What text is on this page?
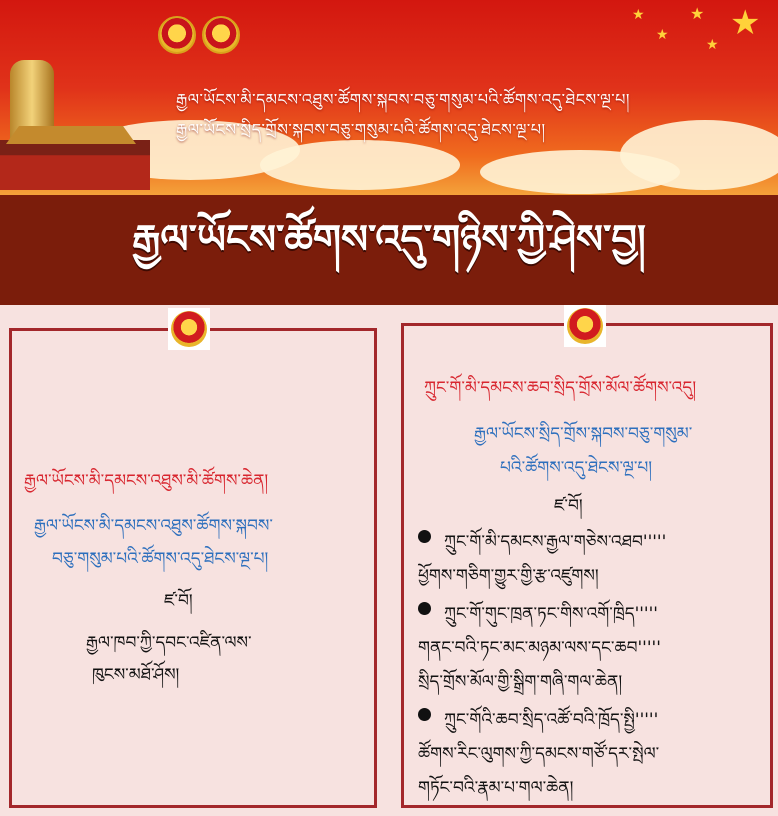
★
★
★
★
★
རྒྱལ་ཡོངས་མི་དམངས་འཐུས་ཚོགས་སྐབས་བཅུ་གསུམ་པའི་ཚོགས་འདུ་ཐེངས་ལྔ་པ།
རྒྱལ་ཡོངས་སྲིད་གྲོས་སྐབས་བཅུ་གསུམ་པའི་ཚོགས་འདུ་ཐེངས་ལྔ་པ།
རྒྱལ་ཡོངས་ཚོགས་འདུ་གཉིས་ཀྱི་ཤེས་བྱ།
རྒྱལ་ཡོངས་མི་དམངས་འཐུས་མི་ཚོགས་ཆེན།
རྒྱལ་ཡོངས་མི་དམངས་འཐུས་ཚོགས་སྐབས་
བཅུ་གསུམ་པའི་ཚོགས་འདུ་ཐེངས་ལྔ་པ།
ཛ་བོ།
རྒྱལ་ཁབ་ཀྱི་དབང་འཛིན་ལས་
ཁུངས་མཐོ་ཤོས།
ཀྲུང་གོ་མི་དམངས་ཆབ་སྲིད་གྲོས་མོལ་ཚོགས་འདུ།
རྒྱལ་ཡོངས་སྲིད་གྲོས་སྐབས་བཅུ་གསུམ་
པའི་ཚོགས་འདུ་ཐེངས་ལྔ་པ།
ཛ་བོ།
ཀྲུང་གོ་མི་དམངས་རྒྱལ་གཅེས་འཐབ'''''
ཕྱོགས་གཅིག་གྱུར་གྱི་རྩ་འཛུགས།
ཀྲུང་གོ་གུང་ཁྲན་ཏང་གིས་འགོ་ཁྲིད'''''
གནང་བའི་ཏང་མང་མཉམ་ལས་དང་ཆབ'''''
སྲིད་གྲོས་མོལ་གྱི་སྒྲིག་གཞི་གལ་ཆེན།
ཀྲུང་གོའི་ཆབ་སྲིད་འཚོ་བའི་ཁྲོད་སྤྱི'''''
ཚོགས་རིང་ལུགས་ཀྱི་དམངས་གཙོ་དར་སྤེལ་
གཏོང་བའི་རྣམ་པ་གལ་ཆེན།
